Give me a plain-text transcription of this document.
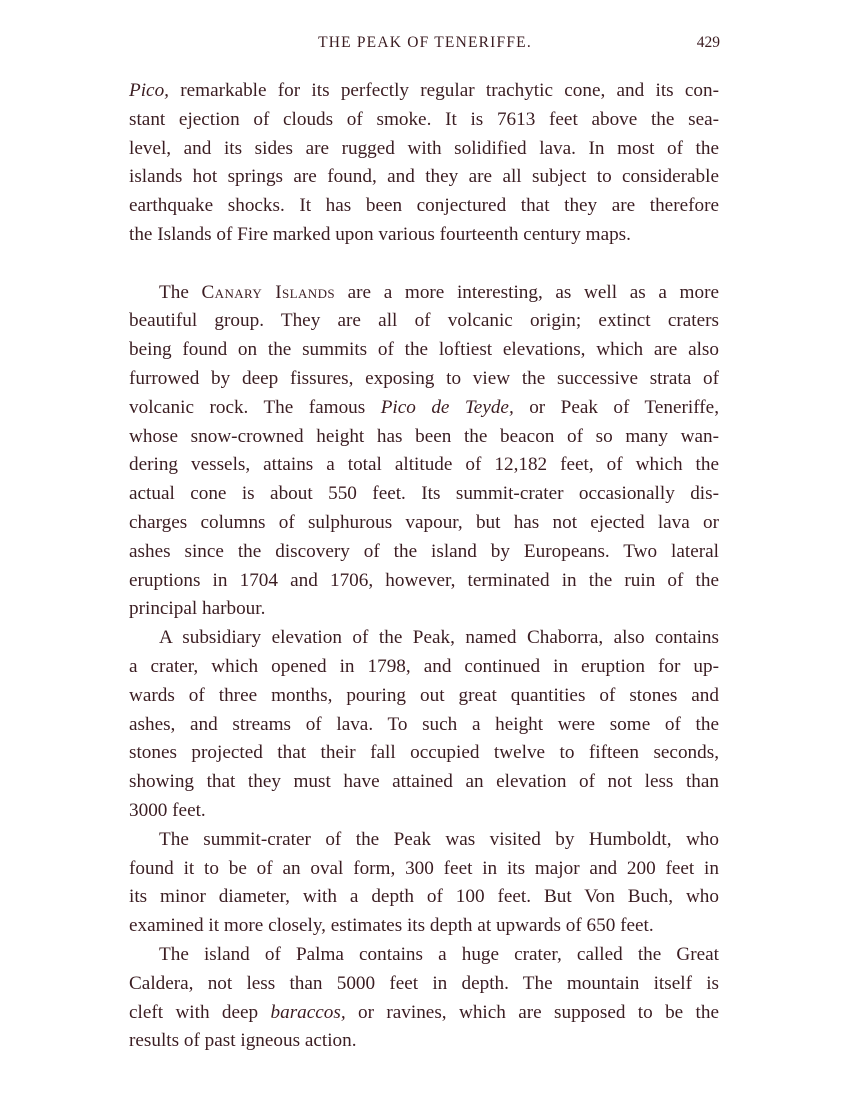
THE PEAK OF TENERIFFE.	429
Pico, remarkable for its perfectly regular trachytic cone, and its con-
stant ejection of clouds of smoke. It is 7613 feet above the sea-
level, and its sides are rugged with solidified lava. In most of the
islands hot springs are found, and they are all subject to considerable
earthquake shocks. It has been conjectured that they are therefore
the Islands of Fire marked upon various fourteenth century maps.
The Canary Islands are a more interesting, as well as a more
beautiful group. They are all of volcanic origin; extinct craters
being found on the summits of the loftiest elevations, which are also
furrowed by deep fissures, exposing to view the successive strata of
volcanic rock. The famous Pico de Teyde, or Peak of Teneriffe,
whose snow-crowned height has been the beacon of so many wan-
dering vessels, attains a total altitude of 12,182 feet, of which the
actual cone is about 550 feet. Its summit-crater occasionally dis-
charges columns of sulphurous vapour, but has not ejected lava or
ashes since the discovery of the island by Europeans. Two lateral
eruptions in 1704 and 1706, however, terminated in the ruin of the
principal harbour.
A subsidiary elevation of the Peak, named Chaborra, also contains
a crater, which opened in 1798, and continued in eruption for up-
wards of three months, pouring out great quantities of stones and
ashes, and streams of lava. To such a height were some of the
stones projected that their fall occupied twelve to fifteen seconds,
showing that they must have attained an elevation of not less than
3000 feet.
The summit-crater of the Peak was visited by Humboldt, who
found it to be of an oval form, 300 feet in its major and 200 feet in
its minor diameter, with a depth of 100 feet. But Von Buch, who
examined it more closely, estimates its depth at upwards of 650 feet.
The island of Palma contains a huge crater, called the Great
Caldera, not less than 5000 feet in depth. The mountain itself is
cleft with deep baraccos, or ravines, which are supposed to be the
results of past igneous action.
